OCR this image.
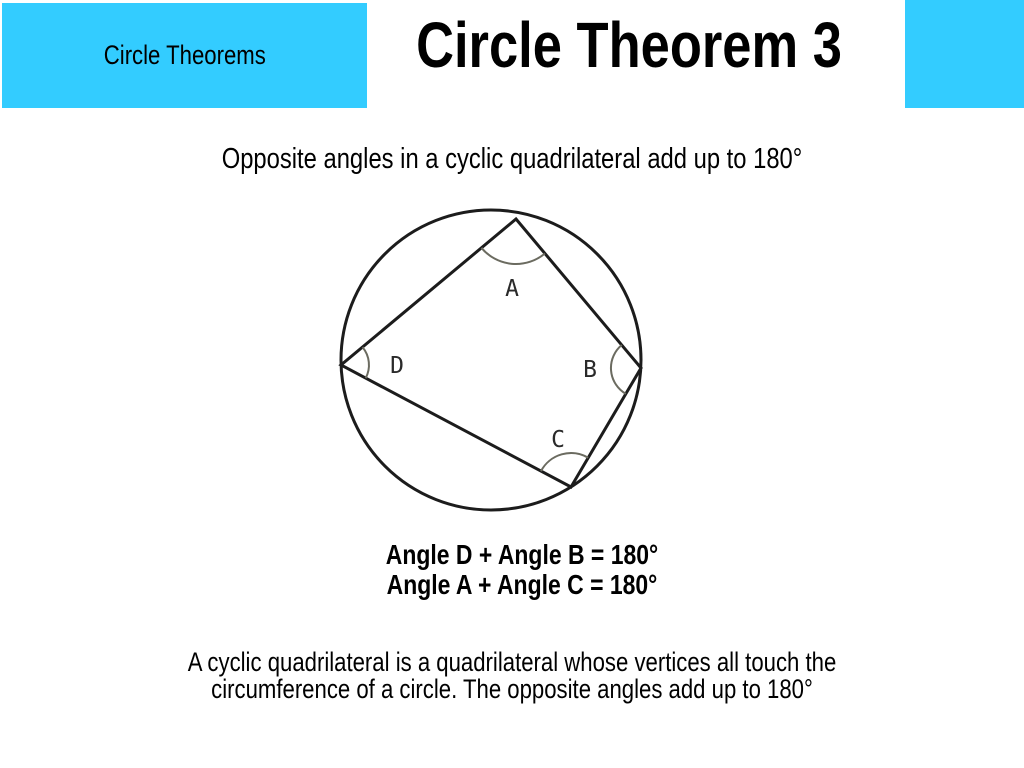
Circle Theorems Circle Theorem 3
Opposite angles in a cyclic quadrilateral add up to 180°
A
B
C
D
Angle D + Angle B = 180°
Angle A + Angle C = 180°
A cyclic quadrilateral is a quadrilateral whose vertices all touch the
circumference of a circle. The opposite angles add up to 180°
